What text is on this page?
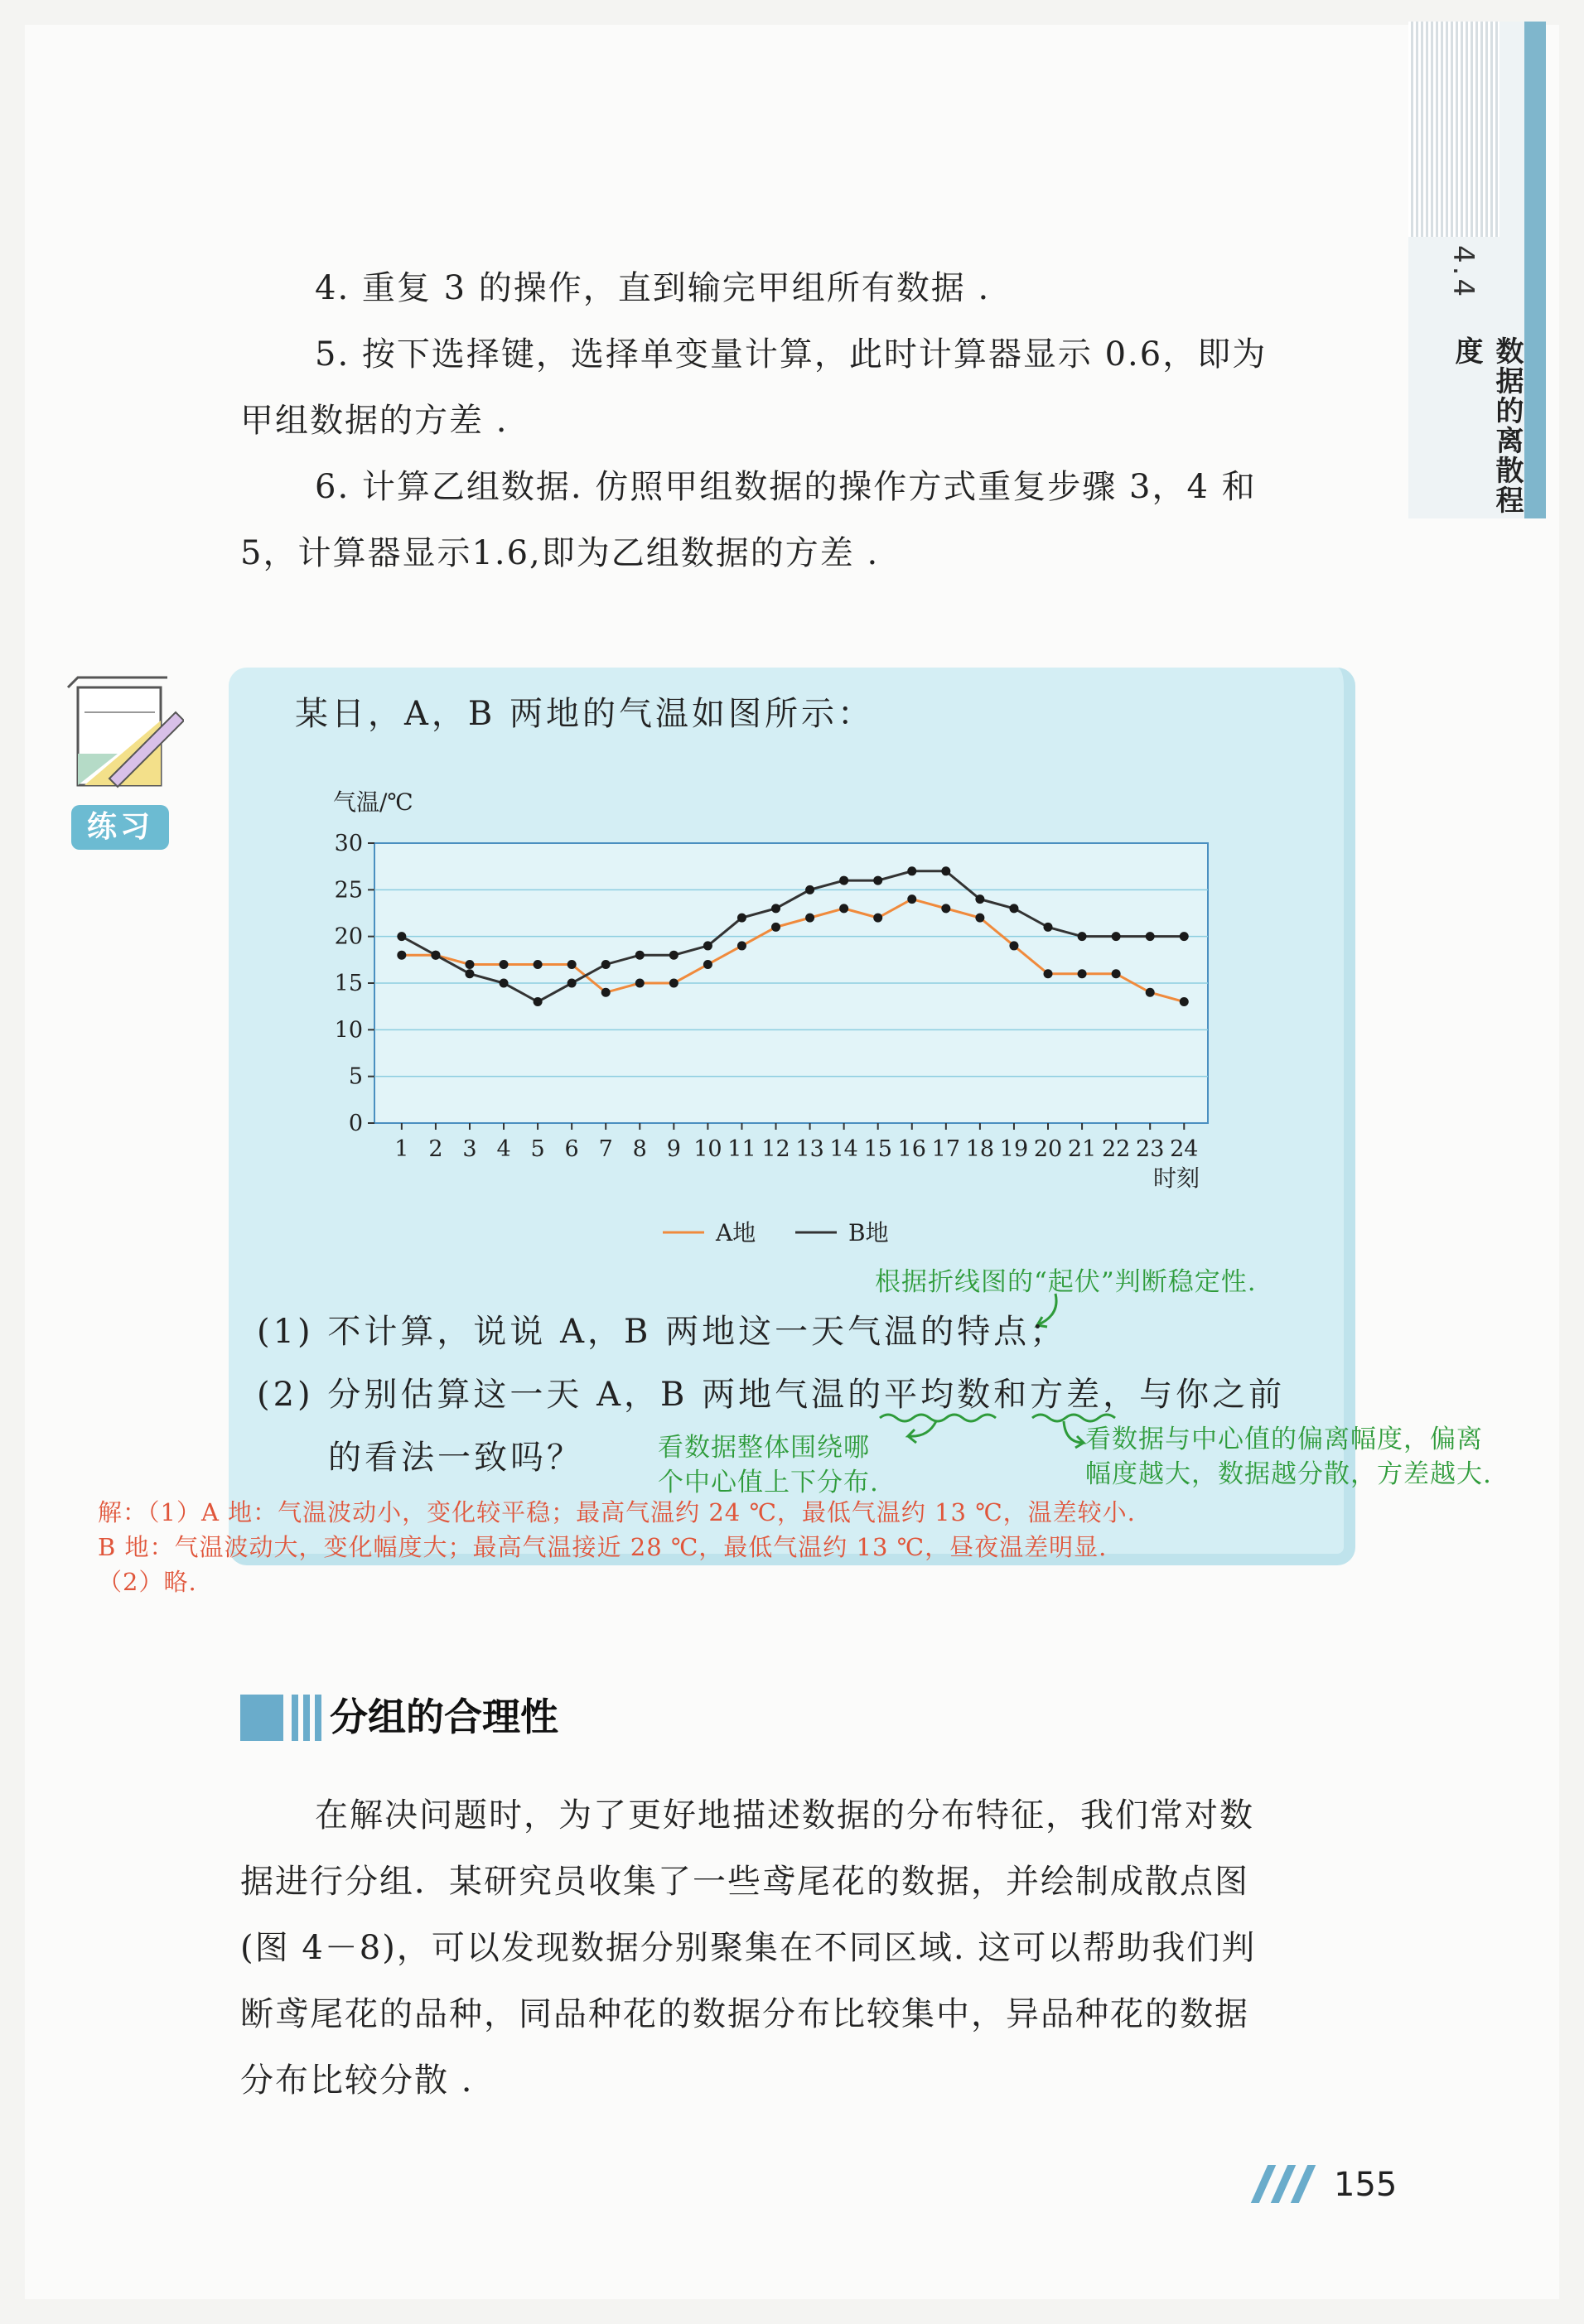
4.4
数据的离散程度

4. 重复 3 的操作，直到输完甲组所有数据 .

5. 按下选择键，选择单变量计算，此时计算器显示 0.6，即为

甲组数据的方差 .

6. 计算乙组数据. 仿照甲组数据的操作方式重复步骤 3，4 和

5，计算器显示1.6,即为乙组数据的方差 .

练习
某日，A，B 两地的气温如图所示：
0
5
10
15
20
25
30
1 2 3 4 5 6 7 8 9 10 11 12 13 14 15 16 17 18 19 20 21 22 23 24
气温/℃
时刻
A地	B地
根据折线图的“起伏”判断稳定性.
(1) 不计算，说说 A，B 两地这一天气温的特点；
(2) 分别估算这一天 A，B 两地气温的平均数和方差，与你之前
的看法一致吗？	看数据整体围绕哪
个中心值上下分布.
看数据与中心值的偏离幅度，偏离
幅度越大，数据越分散，方差越大.
解：（1）A 地：气温波动小，变化较平稳；最高气温约 24 ℃，最低气温约 13 ℃，温差较小.
B 地：气温波动大，变化幅度大；最高气温接近 28 ℃，最低气温约 13 ℃，昼夜温差明显.
（2）略.
分组的合理性

在解决问题时，为了更好地描述数据的分布特征，我们常对数

据进行分组．某研究员收集了一些鸢尾花的数据，并绘制成散点图

(图 4－8)，可以发现数据分别聚集在不同区域. 这可以帮助我们判

断鸢尾花的品种，同品种花的数据分布比较集中，异品种花的数据

分布比较分散 .

155
